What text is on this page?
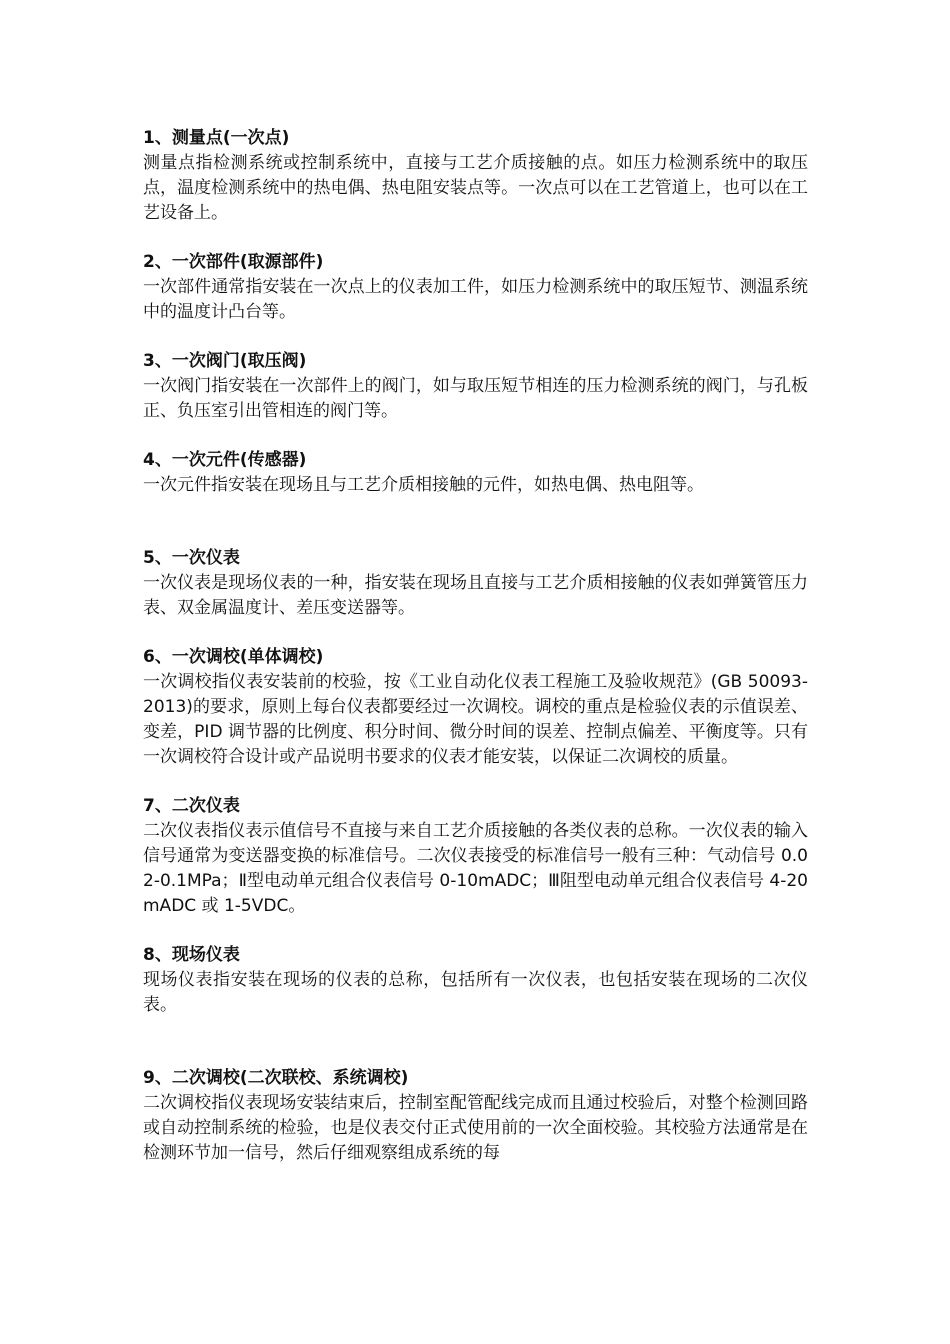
1、测量点(一次点)

测量点指检测系统或控制系统中，直接与工艺介质接触的点。如压力检测系统中的取压点，温度检测系统中的热电偶、热电阻安装点等。一次点可以在工艺管道上，也可以在工艺设备上。

2、一次部件(取源部件)

一次部件通常指安装在一次点上的仪表加工件，如压力检测系统中的取压短节、测温系统中的温度计凸台等。

3、一次阀门(取压阀)

一次阀门指安装在一次部件上的阀门，如与取压短节相连的压力检测系统的阀门，与孔板正、负压室引出管相连的阀门等。

4、一次元件(传感器)

一次元件指安装在现场且与工艺介质相接触的元件，如热电偶、热电阻等。

5、一次仪表

一次仪表是现场仪表的一种，指安装在现场且直接与工艺介质相接触的仪表如弹簧管压力表、双金属温度计、差压变送器等。

6、一次调校(单体调校)

一次调校指仪表安装前的校验，按《工业自动化仪表工程施工及验收规范》(GB 50093-2013)的要求，原则上每台仪表都要经过一次调校。调校的重点是检验仪表的示值误差、变差，PID 调节器的比例度、积分时间、微分时间的误差、控制点偏差、平衡度等。只有一次调校符合设计或产品说明书要求的仪表才能安装，以保证二次调校的质量。

7、二次仪表

二次仪表指仪表示值信号不直接与来自工艺介质接触的各类仪表的总称。一次仪表的输入信号通常为变送器变换的标准信号。二次仪表接受的标准信号一般有三种：气动信号 0.02-0.1MPa；Ⅱ型电动单元组合仪表信号 0-10mADC；Ⅲ阻型电动单元组合仪表信号 4-20mADC 或 1-5VDC。

8、现场仪表

现场仪表指安装在现场的仪表的总称，包括所有一次仪表，也包括安装在现场的二次仪表。

9、二次调校(二次联校、系统调校)

二次调校指仪表现场安装结束后，控制室配管配线完成而且通过校验后，对整个检测回路或自动控制系统的检验，也是仪表交付正式使用前的一次全面校验。其校验方法通常是在检测环节加一信号，然后仔细观察组成系统的每
